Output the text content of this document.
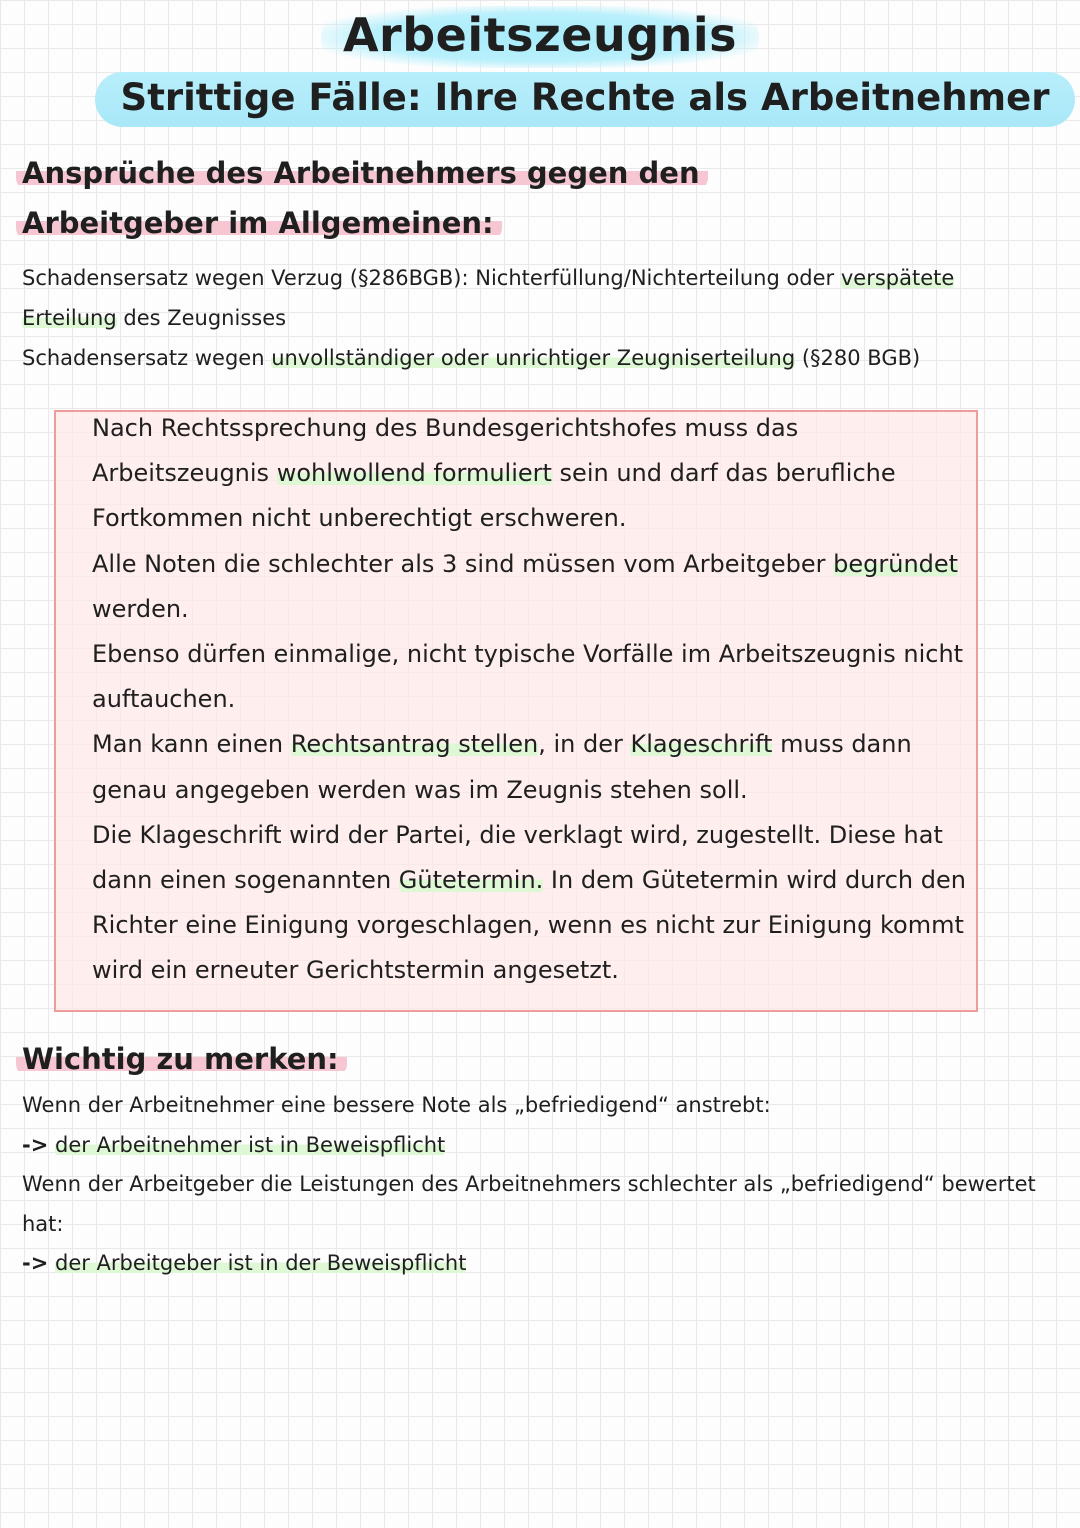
Arbeitszeugnis
Strittige Fälle: Ihre Rechte als Arbeitnehmer
Ansprüche des Arbeitnehmers gegen den
Arbeitgeber im Allgemeinen:

Schadensersatz wegen Verzug (§286BGB): Nichterfüllung/Nichterteilung oder verspätete

Erteilung des Zeugnisses

Schadensersatz wegen unvollständiger oder unrichtiger Zeugniserteilung (§280 BGB)

Nach Rechtssprechung des Bundesgerichtshofes muss das Arbeitszeugnis wohlwollend formuliert sein und darf das berufliche Fortkommen nicht unberechtigt erschweren.

Alle Noten die schlechter als 3 sind müssen vom Arbeitgeber begründet werden.

Ebenso dürfen einmalige, nicht typische Vorfälle im Arbeitszeugnis nicht auftauchen.

Man kann einen Rechtsantrag stellen, in der Klageschrift muss dann genau angegeben werden was im Zeugnis stehen soll.

Die Klageschrift wird der Partei, die verklagt wird, zugestellt. Diese hat dann einen sogenannten Gütetermin. In dem Gütetermin wird durch den Richter eine Einigung vorgeschlagen, wenn es nicht zur Einigung kommt wird ein erneuter Gerichtstermin angesetzt.

Wichtig zu merken:

Wenn der Arbeitnehmer eine bessere Note als „befriedigend“ anstrebt:

-> der Arbeitnehmer ist in Beweispflicht

Wenn der Arbeitgeber die Leistungen des Arbeitnehmers schlechter als „befriedigend“ bewertet hat:

-> der Arbeitgeber ist in der Beweispflicht
